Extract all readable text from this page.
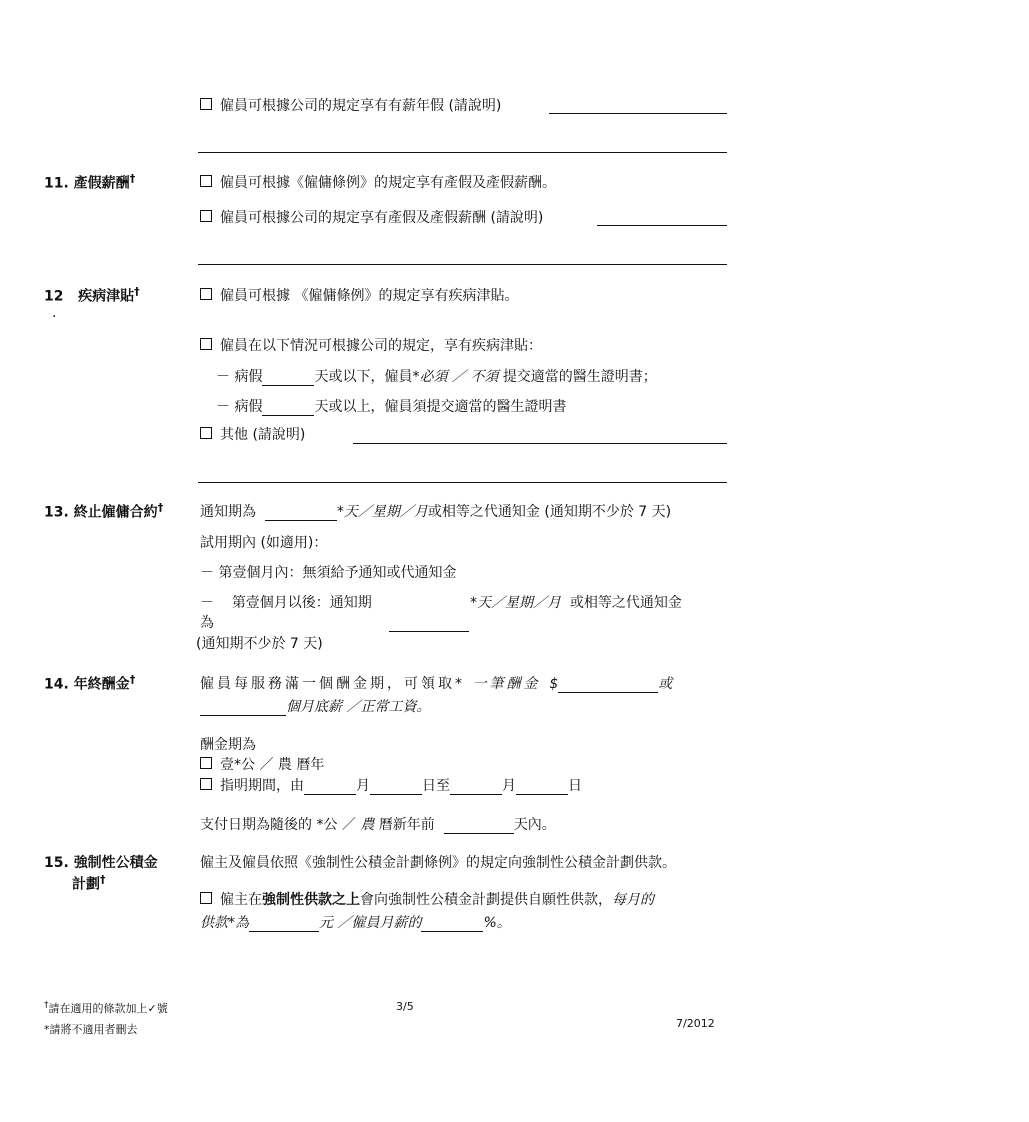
僱員可根據公司的規定享有有薪年假 (請說明)
11. 產假薪酬†	僱員可根據《僱傭條例》的規定享有產假及產假薪酬。
僱員可根據公司的規定享有產假及產假薪酬 (請說明)
12 疾病津貼†
.
僱員可根據 《僱傭條例》的規定享有疾病津貼。
僱員在以下情況可根據公司的規定，享有疾病津貼：
－ 病假	天或以下，僱員*必須 ／ 不須 提交適當的醫生證明書；
－ 病假	天或以上，僱員須提交適當的醫生證明書
其他 (請說明)
13. 終止僱傭合約†	通知期為	*天／星期／月或相等之代通知金 (通知期不少於 7 天)
試用期內 (如適用)：
－ 第壹個月內：無須給予通知或代通知金
－ 第壹個月以後：通知期	*天／星期／月 或相等之代通知金
為
(通知期不少於 7 天)
14. 年終酬金†	僱員每服務滿一個酬金期，可領取* 一筆酬金 $	或
個月底薪 ／正常工資。
酬金期為
壹*公 ／ 農 曆年
指明期間，由	月	日至	月	日
支付日期為隨後的 *公 ／ 農 曆新年前	天內。
15. 強制性公積金
計劃†
僱主及僱員依照《強制性公積金計劃條例》的規定向強制性公積金計劃供款。
僱主在強制性供款之上會向強制性公積金計劃提供自願性供款，每月的
供款*為	元 ／僱員月薪的	%。
†請在適用的條款加上✓號
*請將不適用者刪去
3/5
7/2012
